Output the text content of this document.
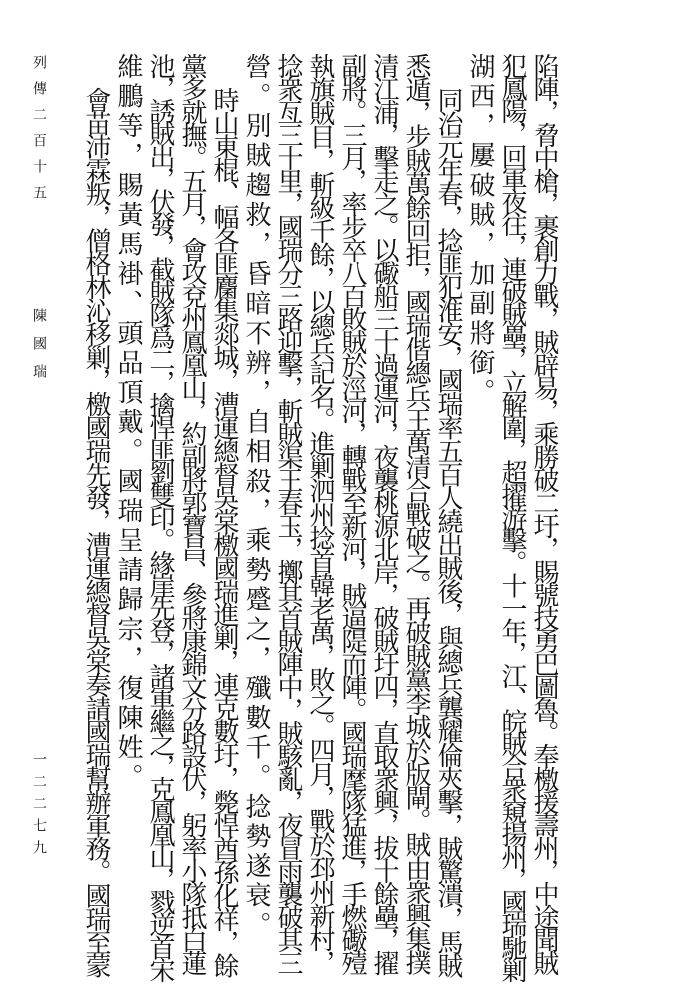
陷陣，脅中槍，裹創力戰，賊辟易，乘勝破二圩，賜號技勇巴圖魯。奉檄援壽州，中途聞賊
犯鳳陽，回軍夜往，連破賊壘，立解圍，超擢游擊。十一年，江、皖賊合衆窺揚州，國瑞馳剿
湖西，屢破賊，加副將銜。
同治元年春，捻匪犯淮安，國瑞率五百人繞出賊後，與總兵龔耀倫夾擊，賊驚潰，馬賊
悉遁，步賊萬餘回拒，國瑞偕總兵王萬清合戰破之。再破賊黨李城於版閘。賊由衆興集撲
清江浦，擊走之。以礮船三十過運河，夜襲桃源北岸，破賊圩四，直取衆興，拔十餘壘，擢
副將。三月，率步卒八百敗賊於涇河，轉戰至新河，賊逼隄而陣。國瑞麾隊猛進，手燃礮殪
執旗賊目，斬級千餘，以總兵記名。進剿泗州捻首韓老萬，敗之。四月，戰於邳州新村，
捻衆亙三十里，國瑞分三路迎擊，斬賊渠王春玉，擲其首賊陣中，賊駭亂，夜冒雨襲破其三
營。別賊趨救，昏暗不辨，自相殺，乘勢蹙之，殲數千。捻勢遂衰。
時山東棍、幅各匪麕集郯城，漕運總督吳棠檄國瑞進剿，連克數圩，斃悍酋孫化祥，餘
黨多就撫。五月，會攻兗州鳳凰山，約副將郭寶昌、參將康錦文分路設伏，躬率小隊抵白蓮
池，誘賊出，伏發，截賊隊爲二，擒悍匪劉雙印。緣崖先登，諸軍繼之，克鳳凰山，戮逆首宋
維鵬等，賜黃馬褂、頭品頂戴。國瑞呈請歸宗，復陳姓。
會苗沛霖叛，僧格林沁移剿，檄國瑞先發，漕運總督吳棠奏請國瑞幫辦軍務。國瑞至蒙
列傳二百十五
陳國瑞
一二二七九
